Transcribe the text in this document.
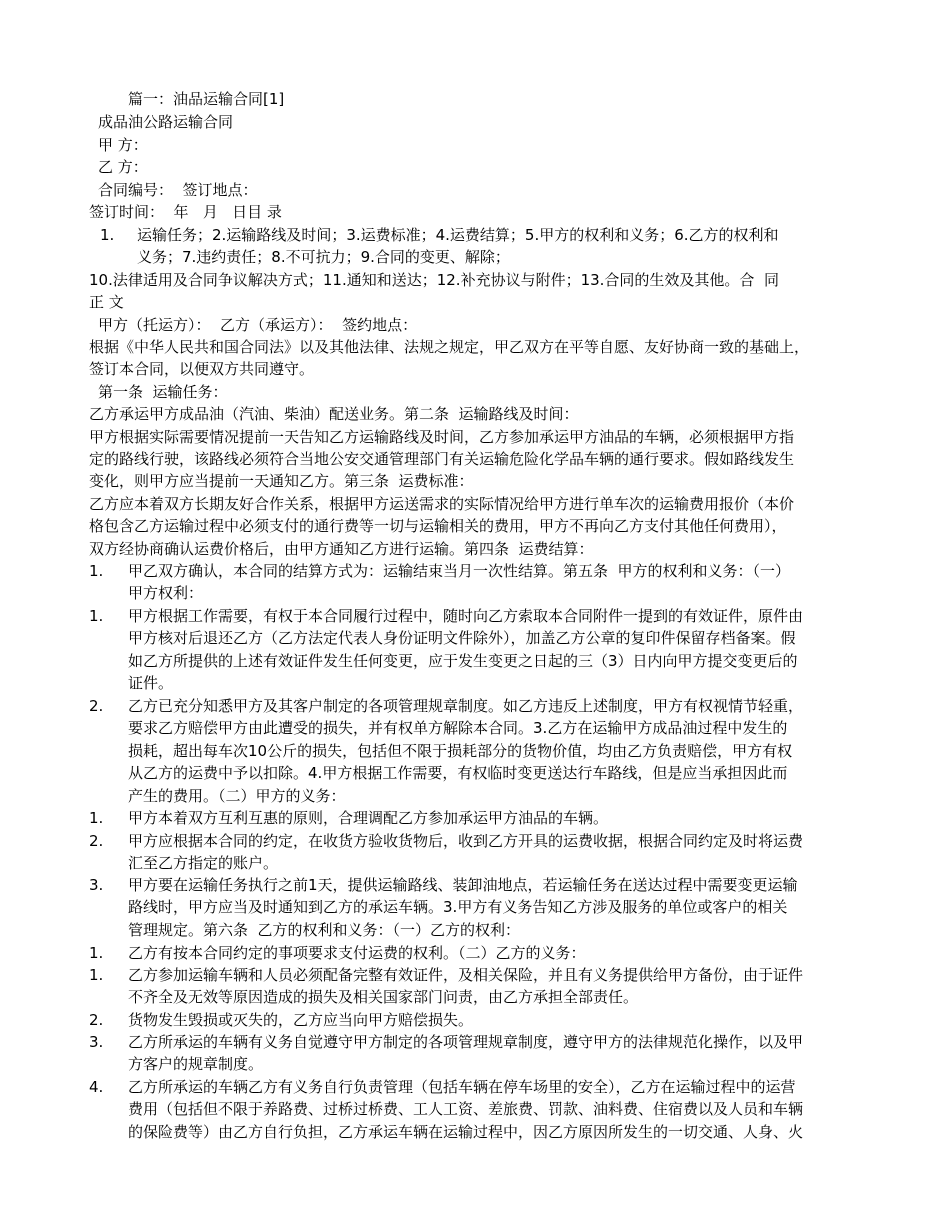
篇一：油品运输合同[1]
成品油公路运输合同
甲 方：
乙 方：
合同编号：  签订地点：
签订时间：  年   月   日目 录
1. 运输任务；2.运输路线及时间；3.运费标准；4.运费结算；5.甲方的权利和义务；6.乙方的权利和
义务；7.违约责任；8.不可抗力；9.合同的变更、解除；
10.法律适用及合同争议解决方式；11.通知和送达；12.补充协议与附件；13.合同的生效及其他。合  同
正 文
甲方（托运方）：  乙方（承运方）：  签约地点：
根据《中华人民共和国合同法》以及其他法律、法规之规定，甲乙双方在平等自愿、友好协商一致的基础上，
签订本合同，以便双方共同遵守。
第一条  运输任务：
乙方承运甲方成品油（汽油、柴油）配送业务。第二条  运输路线及时间：
甲方根据实际需要情况提前一天告知乙方运输路线及时间，乙方参加承运甲方油品的车辆，必须根据甲方指
定的路线行驶，该路线必须符合当地公安交通管理部门有关运输危险化学品车辆的通行要求。假如路线发生
变化，则甲方应当提前一天通知乙方。第三条  运费标准：
乙方应本着双方长期友好合作关系，根据甲方运送需求的实际情况给甲方进行单车次的运输费用报价（本价
格包含乙方运输过程中必须支付的通行费等一切与运输相关的费用，甲方不再向乙方支付其他任何费用），
双方经协商确认运费价格后，由甲方通知乙方进行运输。第四条  运费结算：
1. 甲乙双方确认，本合同的结算方式为：运输结束当月一次性结算。第五条  甲方的权利和义务：（一）
甲方权利：
1. 甲方根据工作需要，有权于本合同履行过程中，随时向乙方索取本合同附件一提到的有效证件，原件由
甲方核对后退还乙方（乙方法定代表人身份证明文件除外），加盖乙方公章的复印件保留存档备案。假
如乙方所提供的上述有效证件发生任何变更，应于发生变更之日起的三（3）日内向甲方提交变更后的
证件。
2. 乙方已充分知悉甲方及其客户制定的各项管理规章制度。如乙方违反上述制度，甲方有权视情节轻重，
要求乙方赔偿甲方由此遭受的损失，并有权单方解除本合同。3.乙方在运输甲方成品油过程中发生的
损耗，超出每车次10公斤的损失，包括但不限于损耗部分的货物价值，均由乙方负责赔偿，甲方有权
从乙方的运费中予以扣除。4.甲方根据工作需要，有权临时变更送达行车路线，但是应当承担因此而
产生的费用。（二）甲方的义务：
1. 甲方本着双方互利互惠的原则，合理调配乙方参加承运甲方油品的车辆。
2. 甲方应根据本合同的约定，在收货方验收货物后，收到乙方开具的运费收据，根据合同约定及时将运费
汇至乙方指定的账户。
3. 甲方要在运输任务执行之前1天，提供运输路线、装卸油地点，若运输任务在送达过程中需要变更运输
路线时，甲方应当及时通知到乙方的承运车辆。3.甲方有义务告知乙方涉及服务的单位或客户的相关
管理规定。第六条  乙方的权利和义务：（一）乙方的权利：
1. 乙方有按本合同约定的事项要求支付运费的权利。（二）乙方的义务：
1. 乙方参加运输车辆和人员必须配备完整有效证件，及相关保险，并且有义务提供给甲方备份，由于证件
不齐全及无效等原因造成的损失及相关国家部门问责，由乙方承担全部责任。
2. 货物发生毁损或灭失的，乙方应当向甲方赔偿损失。
3. 乙方所承运的车辆有义务自觉遵守甲方制定的各项管理规章制度，遵守甲方的法律规范化操作，以及甲
方客户的规章制度。
4. 乙方所承运的车辆乙方有义务自行负责管理（包括车辆在停车场里的安全），乙方在运输过程中的运营
费用（包括但不限于养路费、过桥过桥费、工人工资、差旅费、罚款、油料费、住宿费以及人员和车辆
的保险费等）由乙方自行负担，乙方承运车辆在运输过程中，因乙方原因所发生的一切交通、人身、火
